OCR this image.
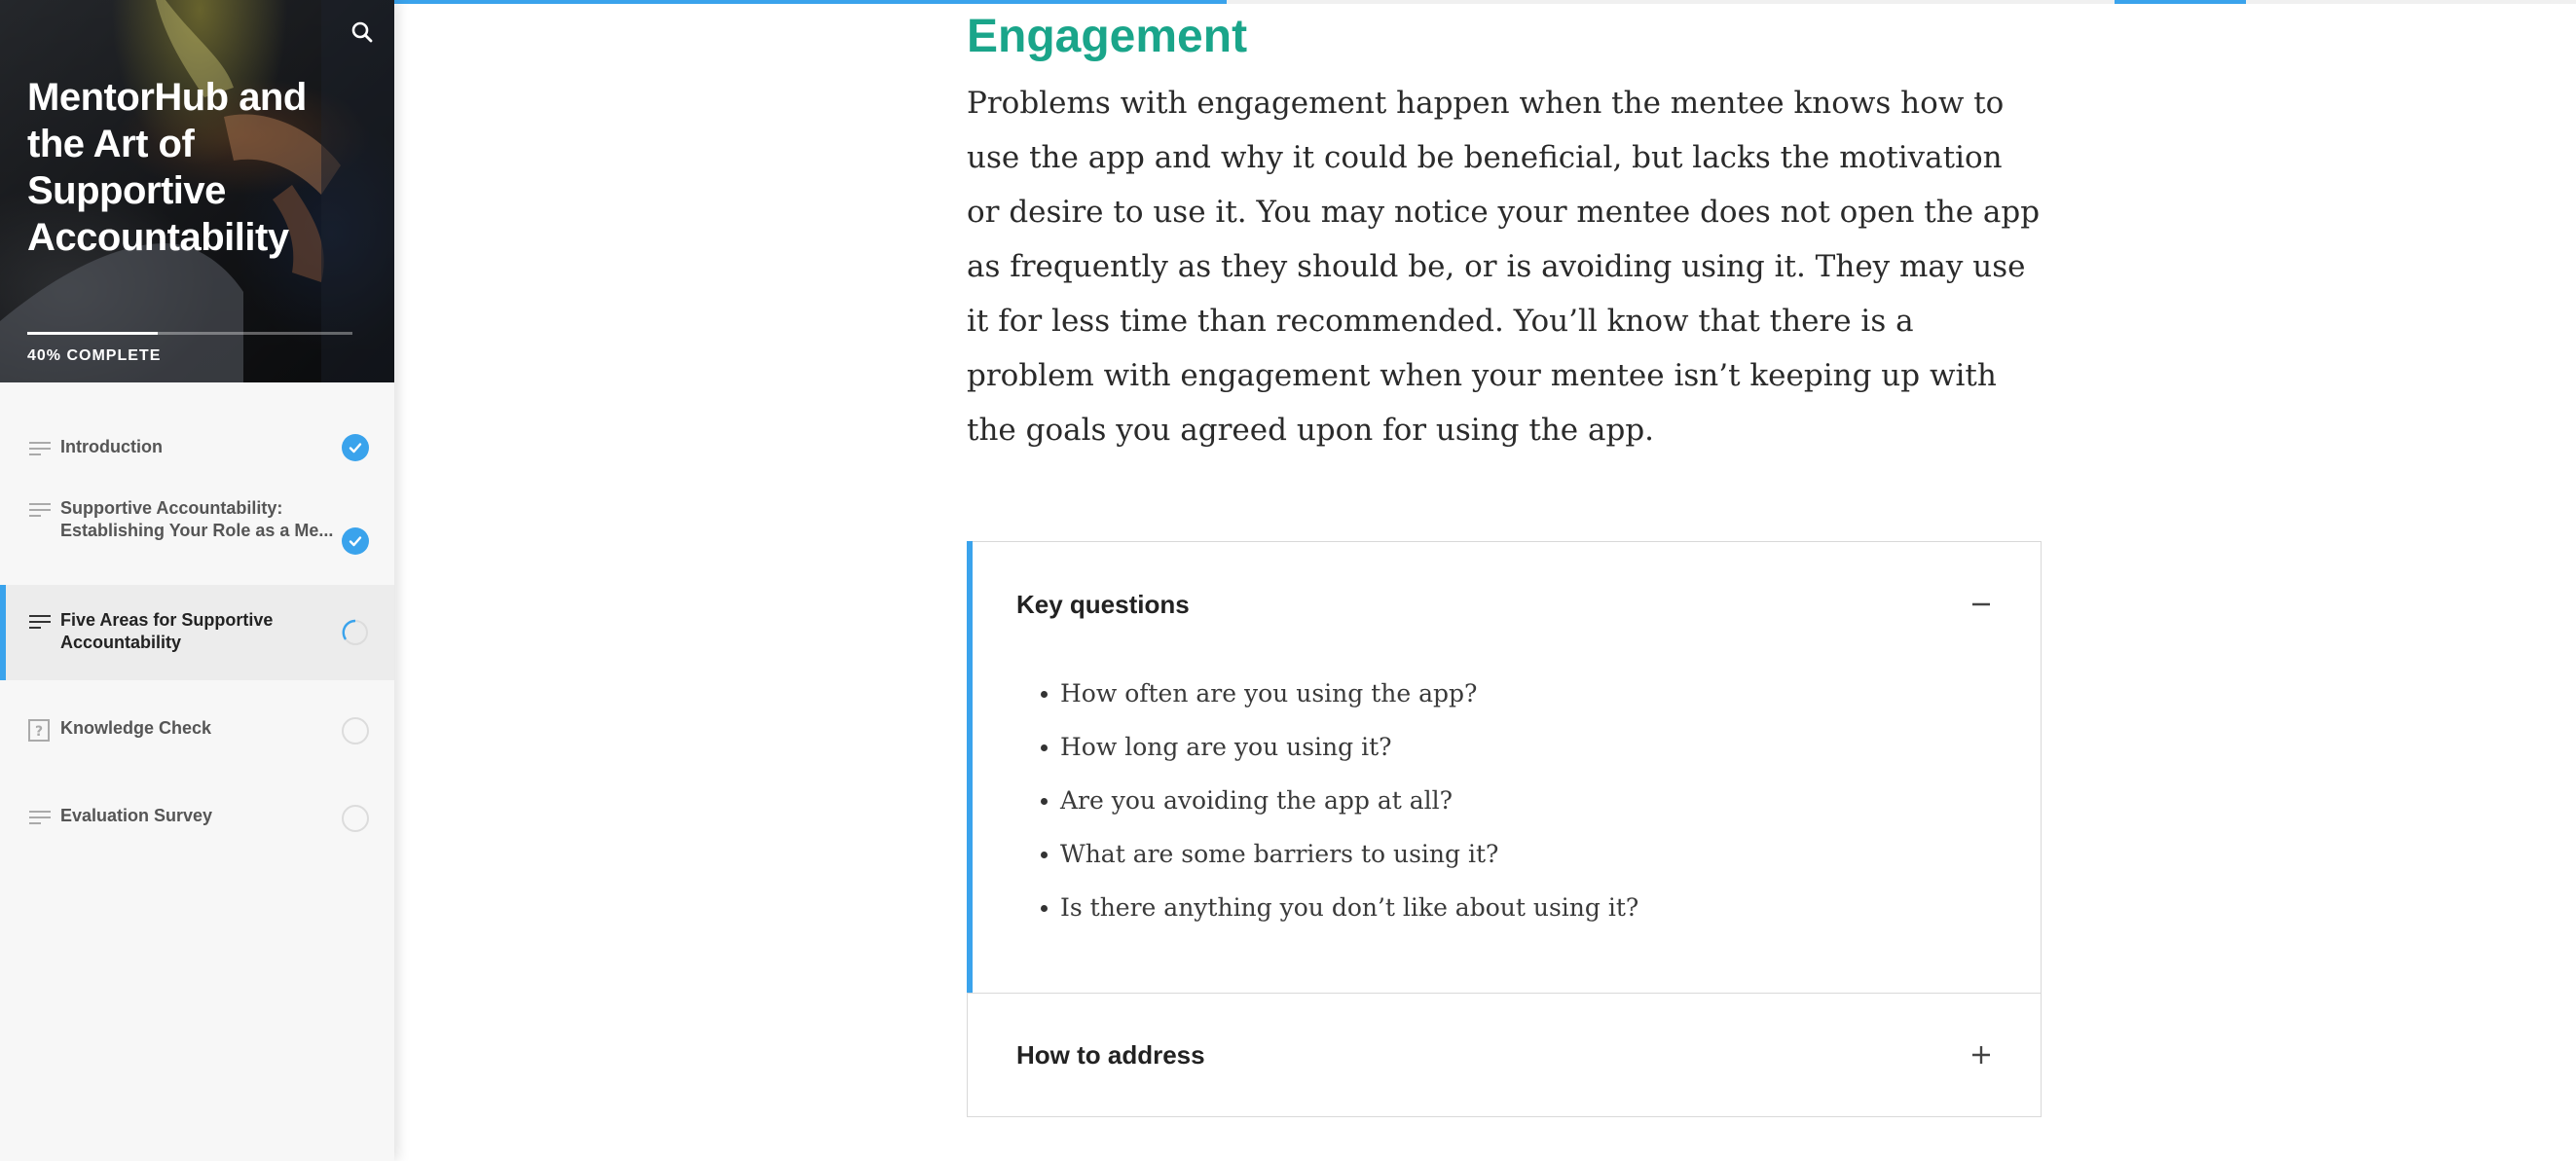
MentorHub and the Art of Supportive Accountability
40% COMPLETE
Introduction
Supportive Accountability: Establishing Your Role as a Me...
Five Areas for Supportive Accountability
? Knowledge Check
Evaluation Survey
Engagement

Problems with engagement happen when the mentee knows how to use the app and why it could be beneficial, but lacks the motivation or desire to use it. You may notice your mentee does not open the app as frequently as they should be, or is avoiding using it. They may use it for less time than recommended. You’ll know that there is a problem with engagement when your mentee isn’t keeping up with the goals you agreed upon for using the app.

Key questions
How often are you using the app?
How long are you using it?
Are you avoiding the app at all?
What are some barriers to using it?
Is there anything you don’t like about using it?
How to address
